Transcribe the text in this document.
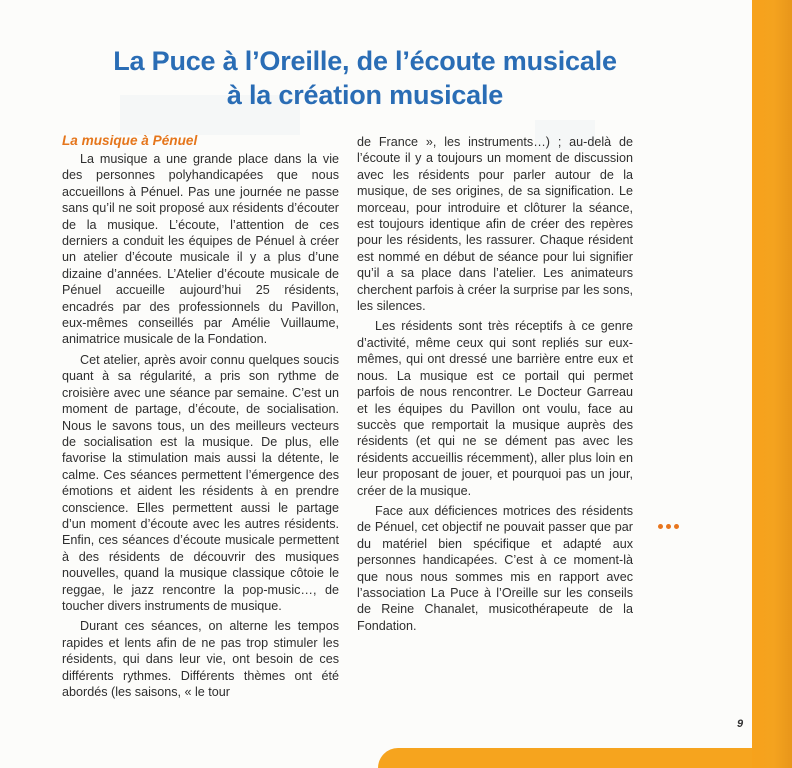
La Puce à l’Oreille, de l’écoute musicale
à la création musicale
La musique à Pénuel

La musique a une grande place dans la vie des personnes polyhandicapées que nous accueillons à Pénuel. Pas une journée ne passe sans qu’il ne soit proposé aux résidents d’écouter de la musique. L’écoute, l’attention de ces derniers a conduit les équipes de Pénuel à créer un atelier d’écoute musicale il y a plus d’une dizaine d’années. L’Atelier d’écoute musicale de Pénuel accueille aujourd’hui 25 résidents, encadrés par des professionnels du Pavillon, eux-mêmes conseillés par Amélie Vuillaume, animatrice musicale de la Fondation.

Cet atelier, après avoir connu quelques soucis quant à sa régularité, a pris son rythme de croisière avec une séance par semaine. C’est un moment de partage, d’écoute, de socialisation. Nous le savons tous, un des meilleurs vecteurs de socialisation est la musique. De plus, elle favorise la stimulation mais aussi la détente, le calme. Ces séances permettent l’émergence des émotions et aident les résidents à en prendre conscience. Elles permettent aussi le partage d’un moment d’écoute avec les autres résidents. Enfin, ces séances d’écoute musicale permettent à des résidents de découvrir des musiques nouvelles, quand la musique classique côtoie le reggae, le jazz rencontre la pop-music…, de toucher divers instruments de musique.

Durant ces séances, on alterne les tempos rapides et lents afin de ne pas trop stimuler les résidents, qui dans leur vie, ont besoin de ces différents rythmes. Différents thèmes ont été abordés (les saisons, « le tour

de France », les instruments…) ; au-delà de l’écoute il y a toujours un moment de discussion avec les résidents pour parler autour de la musique, de ses origines, de sa signification. Le morceau, pour introduire et clôturer la séance, est toujours identique afin de créer des repères pour les résidents, les rassurer. Chaque résident est nommé en début de séance pour lui signifier qu’il a sa place dans l’atelier. Les animateurs cherchent parfois à créer la surprise par les sons, les silences.

Les résidents sont très réceptifs à ce genre d’activité, même ceux qui sont repliés sur eux-mêmes, qui ont dressé une barrière entre eux et nous. La musique est ce portail qui permet parfois de nous rencontrer. Le Docteur Garreau et les équipes du Pavillon ont voulu, face au succès que remportait la musique auprès des résidents (et qui ne se dément pas avec les résidents accueillis récemment), aller plus loin en leur proposant de jouer, et pourquoi pas un jour, créer de la musique.

Face aux déficiences motrices des résidents de Pénuel, cet objectif ne pouvait passer que par du matériel bien spécifique et adapté aux personnes handicapées. C’est à ce moment-là que nous nous sommes mis en rapport avec l’association La Puce à l’Oreille sur les conseils de Reine Chanalet, musicothérapeute de la Fondation.

9
